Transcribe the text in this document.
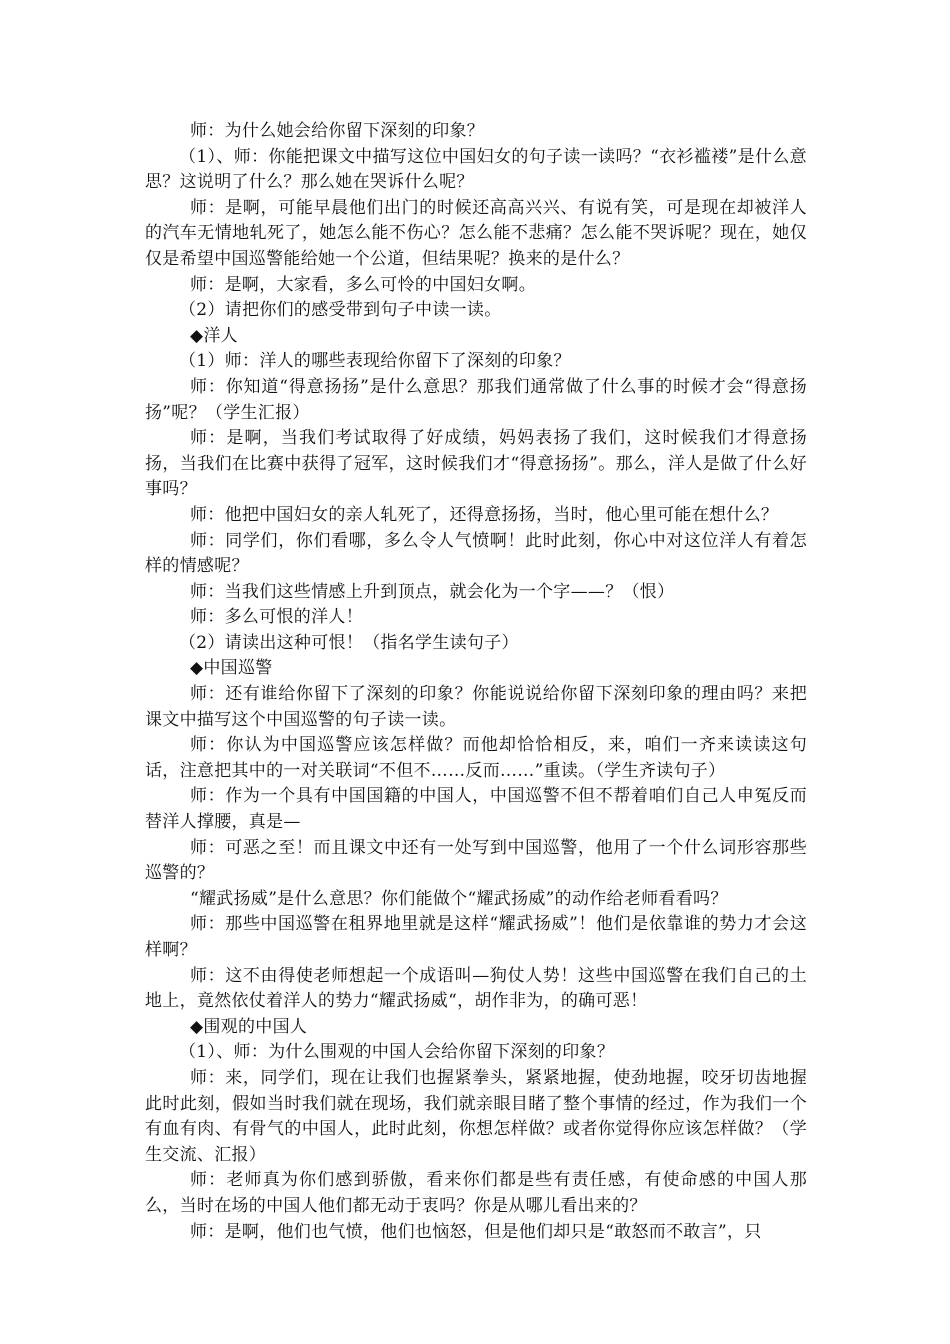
师：为什么她会给你留下深刻的印象？

（1）、师：你能把课文中描写这位中国妇女的句子读一读吗？“衣衫褴褛”是什么意思？这说明了什么？那么她在哭诉什么呢？

师：是啊，可能早晨他们出门的时候还高高兴兴、有说有笑，可是现在却被洋人的汽车无情地轧死了，她怎么能不伤心？怎么能不悲痛？怎么能不哭诉呢？现在，她仅仅是希望中国巡警能给她一个公道，但结果呢？换来的是什么？

师：是啊，大家看，多么可怜的中国妇女啊。

（2）请把你们的感受带到句子中读一读。

◆洋人

（1）师：洋人的哪些表现给你留下了深刻的印象？

师：你知道“得意扬扬”是什么意思？那我们通常做了什么事的时候才会“得意扬扬”呢？（学生汇报）

师：是啊，当我们考试取得了好成绩，妈妈表扬了我们，这时候我们才得意扬扬，当我们在比赛中获得了冠军，这时候我们才“得意扬扬”。那么，洋人是做了什么好事吗？

师：他把中国妇女的亲人轧死了，还得意扬扬，当时，他心里可能在想什么？

师：同学们，你们看哪，多么令人气愤啊！此时此刻，你心中对这位洋人有着怎样的情感呢？

师：当我们这些情感上升到顶点，就会化为一个字——？（恨）

师：多么可恨的洋人！

（2）请读出这种可恨！（指名学生读句子）

◆中国巡警

师：还有谁给你留下了深刻的印象？你能说说给你留下深刻印象的理由吗？来把课文中描写这个中国巡警的句子读一读。

师：你认为中国巡警应该怎样做？而他却恰恰相反，来，咱们一齐来读读这句话，注意把其中的一对关联词“不但不……反而……”重读。（学生齐读句子）

师：作为一个具有中国国籍的中国人，中国巡警不但不帮着咱们自己人申冤反而替洋人撑腰，真是—

师：可恶之至！而且课文中还有一处写到中国巡警，他用了一个什么词形容那些巡警的？

“耀武扬威”是什么意思？你们能做个“耀武扬威”的动作给老师看看吗？

师：那些中国巡警在租界地里就是这样“耀武扬威”！他们是依靠谁的势力才会这样啊？

师：这不由得使老师想起一个成语叫—狗仗人势！这些中国巡警在我们自己的土地上，竟然依仗着洋人的势力“耀武扬威“，胡作非为，的确可恶！

◆围观的中国人

（1）、师：为什么围观的中国人会给你留下深刻的印象？

师：来，同学们，现在让我们也握紧拳头，紧紧地握，使劲地握，咬牙切齿地握此时此刻，假如当时我们就在现场，我们就亲眼目睹了整个事情的经过，作为我们一个有血有肉、有骨气的中国人，此时此刻，你想怎样做？或者你觉得你应该怎样做？（学生交流、汇报）

师：老师真为你们感到骄傲，看来你们都是些有责任感，有使命感的中国人那么，当时在场的中国人他们都无动于衷吗？你是从哪儿看出来的？

师：是啊，他们也气愤，他们也恼怒，但是他们却只是“敢怒而不敢言”，只
